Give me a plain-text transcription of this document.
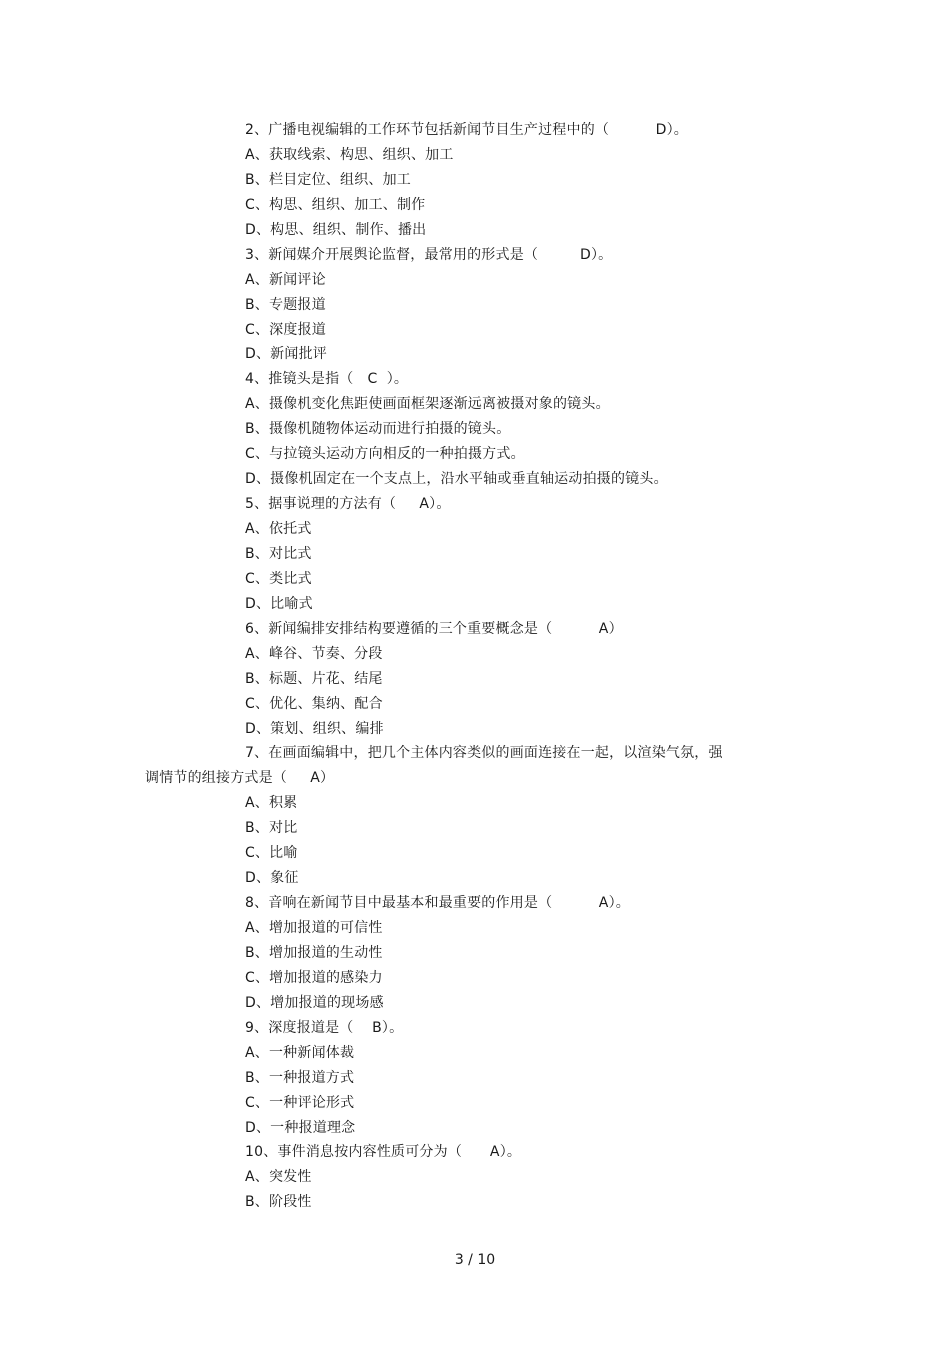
2、广播电视编辑的工作环节包括新闻节目生产过程中的（          D）。
A、获取线索、构思、组织、加工
B、栏目定位、组织、加工
C、构思、组织、加工、制作
D、构思、组织、制作、播出
3、新闻媒介开展舆论监督，最常用的形式是（         D）。
A、新闻评论
B、专题报道
C、深度报道
D、新闻批评
4、推镜头是指（   C  ）。
A、摄像机变化焦距使画面框架逐渐远离被摄对象的镜头。
B、摄像机随物体运动而进行拍摄的镜头。
C、与拉镜头运动方向相反的一种拍摄方式。
D、摄像机固定在一个支点上，沿水平轴或垂直轴运动拍摄的镜头。
5、据事说理的方法有（     A）。
A、依托式
B、对比式
C、类比式
D、比喻式
6、新闻编排安排结构要遵循的三个重要概念是（          A）
A、峰谷、节奏、分段
B、标题、片花、结尾
C、优化、集纳、配合
D、策划、组织、编排
7、在画面编辑中，把几个主体内容类似的画面连接在一起，以渲染气氛，强
调情节的组接方式是（     A）
A、积累
B、对比
C、比喻
D、象征
8、音响在新闻节目中最基本和最重要的作用是（          A）。
A、增加报道的可信性
B、增加报道的生动性
C、增加报道的感染力
D、增加报道的现场感
9、深度报道是（    B）。
A、一种新闻体裁
B、一种报道方式
C、一种评论形式
D、一种报道理念
10、事件消息按内容性质可分为（      A）。
A、突发性
B、阶段性
3 / 10
